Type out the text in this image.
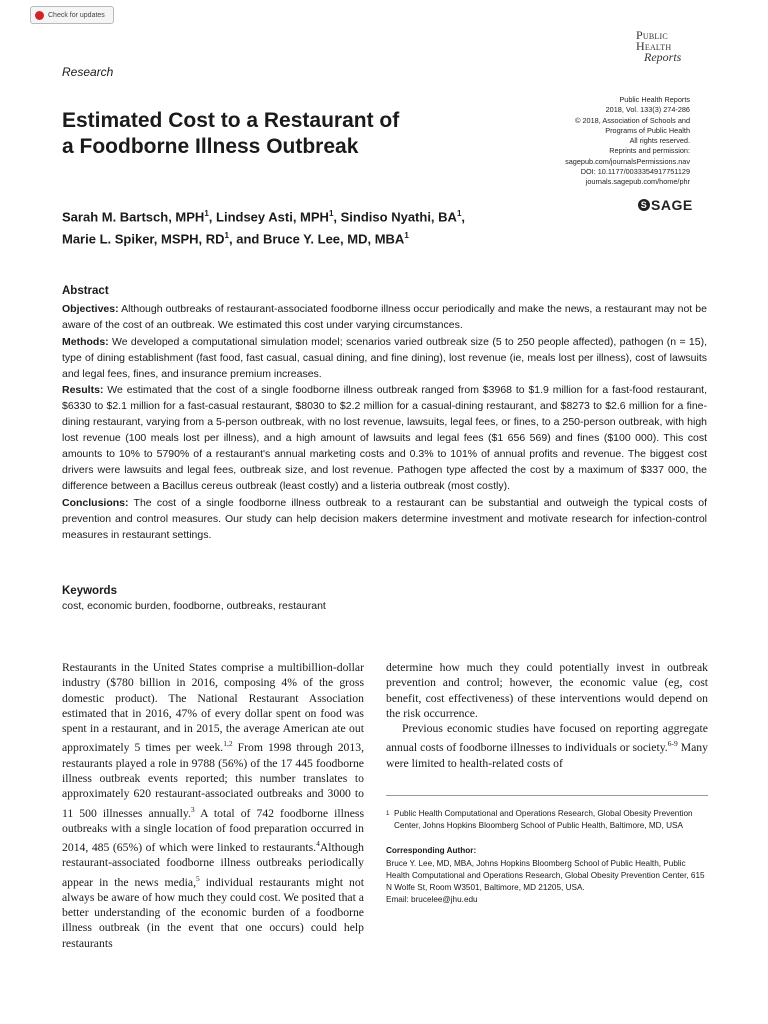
Check for updates
Research
Public
Health
Reports
Estimated Cost to a Restaurant of
a Foodborne Illness Outbreak
Public Health Reports
2018, Vol. 133(3) 274-286
© 2018, Association of Schools and
Programs of Public Health
All rights reserved.
Reprints and permission:
sagepub.com/journalsPermissions.nav
DOI: 10.1177/0033354917751129
journals.sagepub.com/home/phr
S SAGE
Sarah M. Bartsch, MPH$^1$, Lindsey Asti, MPH$^1$, Sindiso Nyathi, $BA^1$,
Marie L. Spiker, MSPH, $RD^1$, and Bruce Y. Lee, MD, MBA$^1$
Abstract

Objectives: Although outbreaks of restaurant-associated foodborne illness occur periodically and make the news, a restaurant may not be aware of the cost of an outbreak. We estimated this cost under varying circumstances.

Methods: We developed a computational simulation model; scenarios varied outbreak size (5 to 250 people affected), pathogen (n = 15), type of dining establishment (fast food, fast casual, casual dining, and fine dining), lost revenue (ie, meals lost per illness), cost of lawsuits and legal fees, fines, and insurance premium increases.

Results: We estimated that the cost of a single foodborne illness outbreak ranged from $3968 to $1.9 million for a fast-food restaurant, $6330 to $2.1 million for a fast-casual restaurant, $8030 to $2.2 million for a casual-dining restaurant, and $8273 to $2.6 million for a fine-dining restaurant, varying from a 5-person outbreak, with no lost revenue, lawsuits, legal fees, or fines, to a 250-person outbreak, with high lost revenue (100 meals lost per illness), and a high amount of lawsuits and legal fees ($1 656 569) and fines ($100 000). This cost amounts to 10% to 5790% of a restaurant's annual marketing costs and 0.3% to 101% of annual profits and revenue. The biggest cost drivers were lawsuits and legal fees, outbreak size, and lost revenue. Pathogen type affected the cost by a maximum of $337 000, the difference between a Bacillus cereus outbreak (least costly) and a listeria outbreak (most costly).

Conclusions: The cost of a single foodborne illness outbreak to a restaurant can be substantial and outweigh the typical costs of prevention and control measures. Our study can help decision makers determine investment and motivate research for infection-control measures in restaurant settings.

Keywords
cost, economic burden, foodborne, outbreaks, restaurant

Restaurants in the United States comprise a multibillion-dollar industry ($780 billion in 2016, composing 4% of the gross domestic product). The National Restaurant Association estimated that in 2016, 47% of every dollar spent on food was spent in a restaurant, and in 2015, the average American ate out approximately 5 times per week.$^{1,2}$ From 1998 through 2013, restaurants played a role in 9788 (56%) of the 17 445 foodborne illness outbreak events reported; this number translates to approximately 620 restaurant-associated outbreaks and 3000 to 11 500 illnesses annually.$^3$ A total of 742 foodborne illness outbreaks with a single location of food preparation occurred in 2014, 485 (65%) of which were linked to restaurants.$^4$Although restaurant-associated foodborne illness outbreaks periodically appear in the news media,$^5$ individual restaurants might not always be aware of how much they could cost. We posited that a better understanding of the economic burden of a foodborne illness outbreak (in the event that one occurs) could help restaurants

determine how much they could potentially invest in outbreak prevention and control; however, the economic value (eg, cost benefit, cost effectiveness) of these interventions would depend on the risk occurrence.

Previous economic studies have focused on reporting aggregate annual costs of foodborne illnesses to individuals or society.$^{6-9}$ Many were limited to health-related costs of

1 Public Health Computational and Operations Research, Global Obesity Prevention Center, Johns Hopkins Bloomberg School of Public Health, Baltimore, MD, USA
Corresponding Author:
Bruce Y. Lee, MD, MBA, Johns Hopkins Bloomberg School of Public Health, Public Health Computational and Operations Research, Global Obesity Prevention Center, 615 N Wolfe St, Room W3501, Baltimore, MD 21205, USA.
Email: brucelee@jhu.edu
